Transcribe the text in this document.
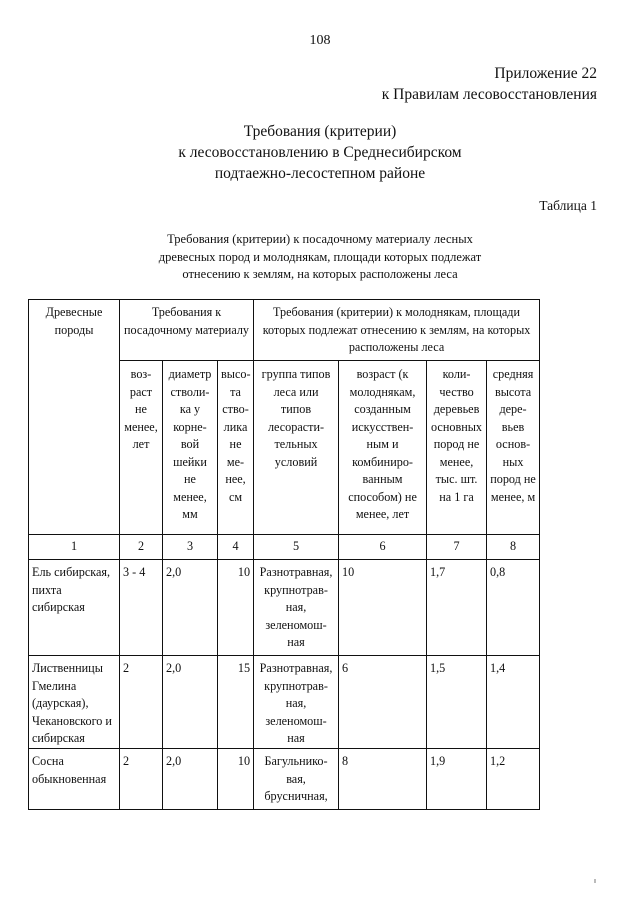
108
Приложение 22
к Правилам лесовосстановления
Требования (критерии)
к лесовосстановлению в Среднесибирском
подтаежно-лесостепном районе
Таблица 1
Требования (критерии) к посадочному материалу лесных
древесных пород и молоднякам, площади которых подлежат
отнесению к землям, на которых расположены леса
Древесные породы	Требования к посадочному материалу			Требования (критерии) к молоднякам, площади которых подлежат отнесению к землям, на которых расположены леса			
	воз-раст не менее, лет	диаметр стволи-ка у корне-вой шейки не менее, мм	высо-та ство-лика не ме-нее, см	группа типов леса или типов лесорасти-тельных условий	возраст (к молоднякам, созданным искусствен-ным и комбиниро-ванным способом) не менее, лет	коли-чество деревьев основных пород не менее, тыс. шт. на 1 га	средняя высота дере-вьев основ-ных пород не менее, м
1	2	3	4	5	6	7	8
Ель сибирская, пихта сибирская	3 - 4	2,0	10	Разнотравная, крупнотрав-ная, зеленомош-ная	10	1,7	0,8
Лиственницы Гмелина (даурская), Чекановского и сибирская	2	2,0	15	Разнотравная, крупнотрав-ная, зеленомош-ная	6	1,5	1,4
Сосна обыкновенная	2	2,0	10	Багульнико-вая, брусничная,	8	1,9	1,2
